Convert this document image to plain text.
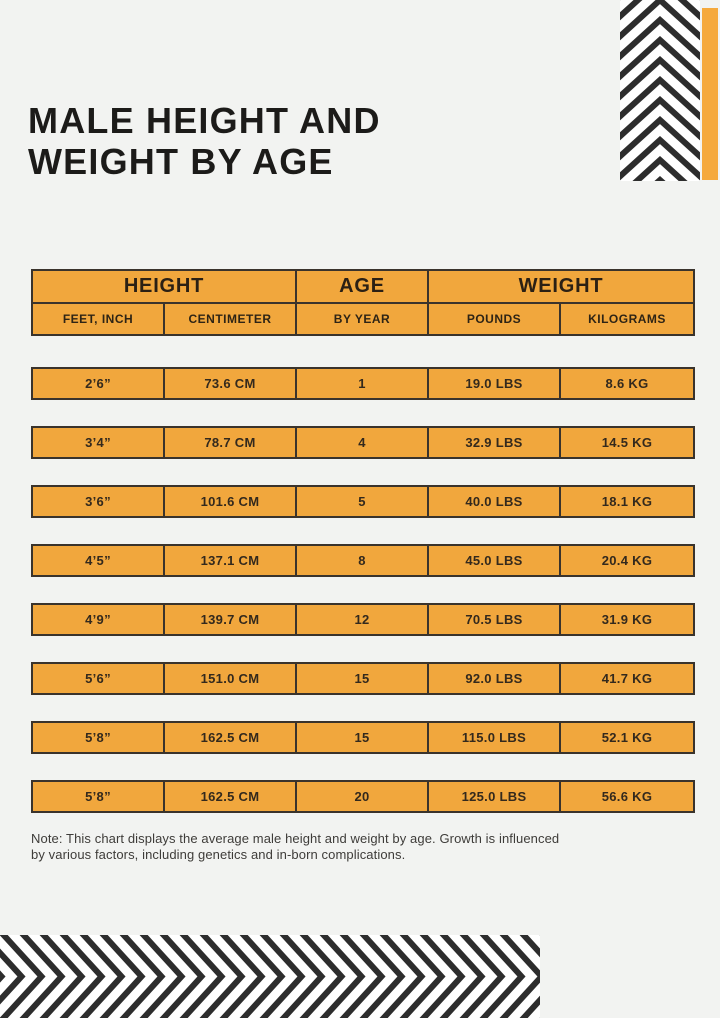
MALE HEIGHT AND
WEIGHT BY AGE
HEIGHT	AGE	WEIGHT
FEET, INCH	CENTIMETER	BY YEAR	POUNDS	KILOGRAMS
2’6”	73.6 CM	1	19.0 LBS	8.6 KG
3’4”	78.7 CM	4	32.9 LBS	14.5 KG
3’6”	101.6 CM	5	40.0 LBS	18.1 KG
4’5”	137.1 CM	8	45.0 LBS	20.4 KG
4’9”	139.7 CM	12	70.5 LBS	31.9 KG
5’6”	151.0 CM	15	92.0 LBS	41.7 KG
5’8”	162.5 CM	15	115.0 LBS	52.1 KG
5’8”	162.5 CM	20	125.0 LBS	56.6 KG
Note: This chart displays the average male height and weight by age. Growth is influenced
by various factors, including genetics and in-born complications.
